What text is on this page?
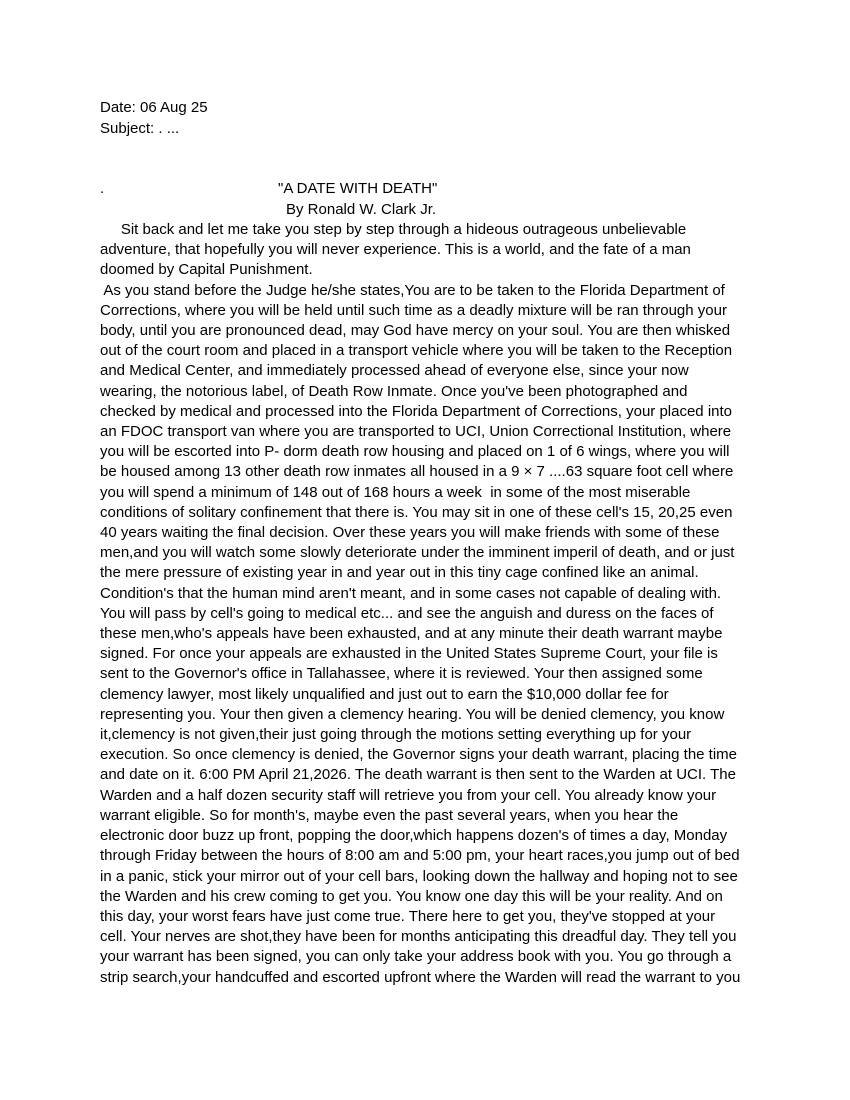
Date: 06 Aug 25
Subject: . ...
.	"A DATE WITH DEATH"
By Ronald W. Clark Jr.
Sit back and let me take you step by step through a hideous outrageous unbelievable
adventure, that hopefully you will never experience. This is a world, and the fate of a man
doomed by Capital Punishment.
As you stand before the Judge he/she states,You are to be taken to the Florida Department of
Corrections, where you will be held until such time as a deadly mixture will be ran through your
body, until you are pronounced dead, may God have mercy on your soul. You are then whisked
out of the court room and placed in a transport vehicle where you will be taken to the Reception
and Medical Center, and immediately processed ahead of everyone else, since your now
wearing, the notorious label, of Death Row Inmate. Once you've been photographed and
checked by medical and processed into the Florida Department of Corrections, your placed into
an FDOC transport van where you are transported to UCI, Union Correctional Institution, where
you will be escorted into P- dorm death row housing and placed on 1 of 6 wings, where you will
be housed among 13 other death row inmates all housed in a 9 × 7 ....63 square foot cell where
you will spend a minimum of 148 out of 168 hours a week  in some of the most miserable
conditions of solitary confinement that there is. You may sit in one of these cell's 15, 20,25 even
40 years waiting the final decision. Over these years you will make friends with some of these
men,and you will watch some slowly deteriorate under the imminent imperil of death, and or just
the mere pressure of existing year in and year out in this tiny cage confined like an animal.
Condition's that the human mind aren't meant, and in some cases not capable of dealing with.
You will pass by cell's going to medical etc... and see the anguish and duress on the faces of
these men,who's appeals have been exhausted, and at any minute their death warrant maybe
signed. For once your appeals are exhausted in the United States Supreme Court, your file is
sent to the Governor's office in Tallahassee, where it is reviewed. Your then assigned some
clemency lawyer, most likely unqualified and just out to earn the $10,000 dollar fee for
representing you. Your then given a clemency hearing. You will be denied clemency, you know
it,clemency is not given,their just going through the motions setting everything up for your
execution. So once clemency is denied, the Governor signs your death warrant, placing the time
and date on it. 6:00 PM April 21,2026. The death warrant is then sent to the Warden at UCI. The
Warden and a half dozen security staff will retrieve you from your cell. You already know your
warrant eligible. So for month's, maybe even the past several years, when you hear the
electronic door buzz up front, popping the door,which happens dozen's of times a day, Monday
through Friday between the hours of 8:00 am and 5:00 pm, your heart races,you jump out of bed
in a panic, stick your mirror out of your cell bars, looking down the hallway and hoping not to see
the Warden and his crew coming to get you. You know one day this will be your reality. And on
this day, your worst fears have just come true. There here to get you, they've stopped at your
cell. Your nerves are shot,they have been for months anticipating this dreadful day. They tell you
your warrant has been signed, you can only take your address book with you. You go through a
strip search,your handcuffed and escorted upfront where the Warden will read the warrant to you
